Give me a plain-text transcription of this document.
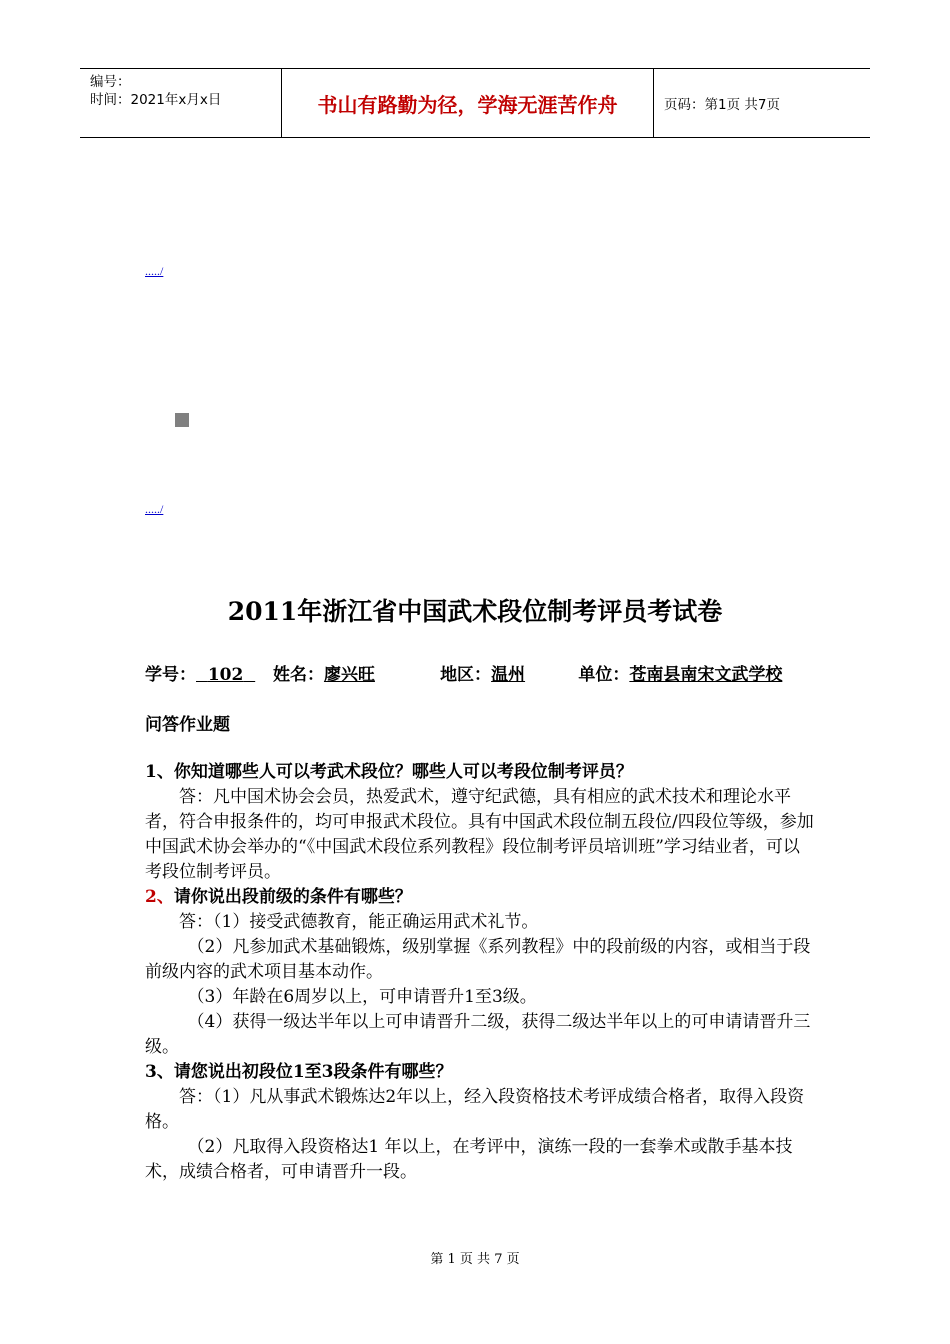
编号：
时间：2021年x月x日	书山有路勤为径，学海无涯苦作舟	页码：第1页 共7页
...../
...../
2011年浙江省中国武术段位制考评员考试卷
学号： 102 姓名：廖兴旺	地区：温州	单位：苍南县南宋文武学校
问答作业题

1、你知道哪些人可以考武术段位？哪些人可以考段位制考评员？

　　答：凡中国术协会会员，热爱武术，遵守纪武德，具有相应的武术技术和理论水平者，符合申报条件的，均可申报武术段位。具有中国武术段位制五段位/四段位等级，参加中国武术协会举办的“《中国武术段位系列教程》段位制考评员培训班”学习结业者，可以考段位制考评员。

2、请你说出段前级的条件有哪些？

　　答：（1）接受武德教育，能正确运用武术礼节。

　　　（2）凡参加武术基础锻炼，级别掌握《系列教程》中的段前级的内容，或相当于段前级内容的武术项目基本动作。

　　　（3）年龄在6周岁以上，可申请晋升1至3级。

　　　（4）获得一级达半年以上可申请晋升二级，获得二级达半年以上的可申请请晋升三级。

3、请您说出初段位1至3段条件有哪些？

　　答：（1）凡从事武术锻炼达2年以上，经入段资格技术考评成绩合格者，取得入段资格。

　　　（2）凡取得入段资格达1 年以上，在考评中，演练一段的一套拳术或散手基本技术，成绩合格者，可申请晋升一段。

第 1 页 共 7 页
